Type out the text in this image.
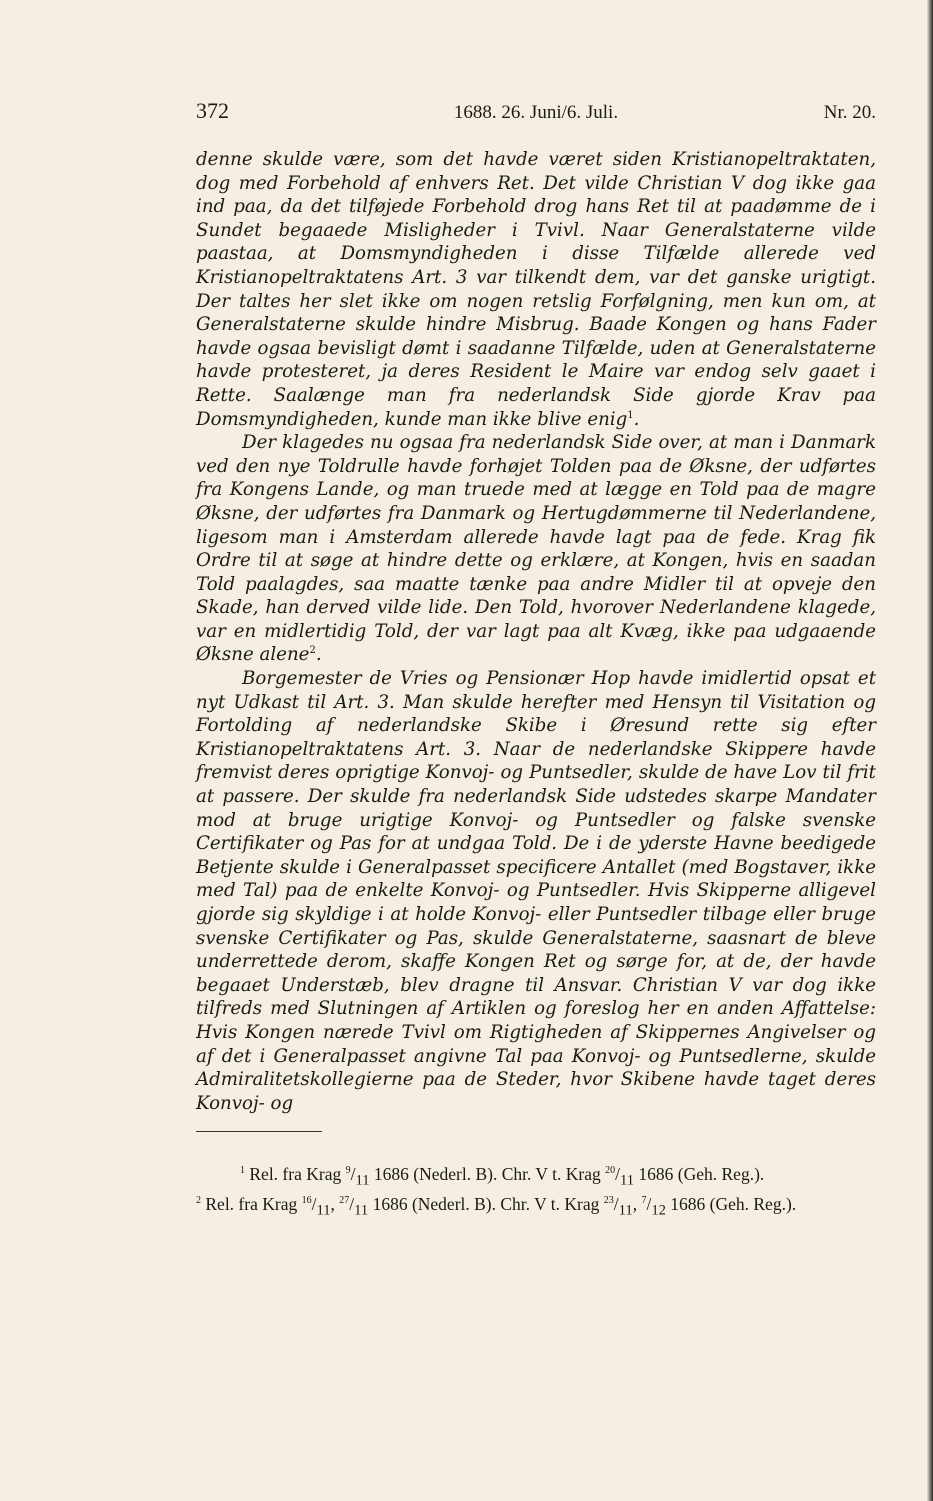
372	1688. 26. Juni/6. Juli.	Nr. 20.

denne skulde være, som det havde været siden Kristianopeltraktaten, dog med Forbehold af enhvers Ret. Det vilde Christian V dog ikke gaa ind paa, da det tilføjede Forbehold drog hans Ret til at paadømme de i Sundet begaaede Misligheder i Tvivl. Naar Generalstaterne vilde paastaa, at Domsmyndigheden i disse Tilfælde allerede ved Kristianopeltraktatens Art. 3 var tilkendt dem, var det ganske urigtigt. Der taltes her slet ikke om nogen retslig Forfølgning, men kun om, at Generalstaterne skulde hindre Misbrug. Baade Kongen og hans Fader havde ogsaa bevisligt dømt i saadanne Tilfælde, uden at Generalstaterne havde protesteret, ja deres Resident le Maire var endog selv gaaet i Rette. Saalænge man fra nederlandsk Side gjorde Krav paa Domsmyndigheden, kunde man ikke blive enig$^1$.

Der klagedes nu ogsaa fra nederlandsk Side over, at man i Danmark ved den nye Toldrulle havde forhøjet Tolden paa de Øksne, der udførtes fra Kongens Lande, og man truede med at lægge en Told paa de magre Øksne, der udførtes fra Danmark og Hertugdømmerne til Nederlandene, ligesom man i Amsterdam allerede havde lagt paa de fede. Krag fik Ordre til at søge at hindre dette og erklære, at Kongen, hvis en saadan Told paalagdes, saa maatte tænke paa andre Midler til at opveje den Skade, han derved vilde lide. Den Told, hvorover Nederlandene klagede, var en midlertidig Told, der var lagt paa alt Kvæg, ikke paa udgaaende Øksne alene$^2$.

Borgemester de Vries og Pensionær Hop havde imidlertid opsat et nyt Udkast til Art. 3. Man skulde herefter med Hensyn til Visitation og Fortolding af nederlandske Skibe i Øresund rette sig efter Kristianopeltraktatens Art. 3. Naar de nederlandske Skippere havde fremvist deres oprigtige Konvoj- og Puntsedler, skulde de have Lov til frit at passere. Der skulde fra nederlandsk Side udstedes skarpe Mandater mod at bruge urigtige Konvoj- og Puntsedler og falske svenske Certifikater og Pas for at undgaa Told. De i de yderste Havne beedigede Betjente skulde i Generalpasset specificere Antallet (med Bogstaver, ikke med Tal) paa de enkelte Konvoj- og Puntsedler. Hvis Skipperne alligevel gjorde sig skyldige i at holde Konvoj- eller Puntsedler tilbage eller bruge svenske Certifikater og Pas, skulde Generalstaterne, saasnart de bleve underrettede derom, skaffe Kongen Ret og sørge for, at de, der havde begaaet Understæb, blev dragne til Ansvar. Christian V var dog ikke tilfreds med Slutningen af Artiklen og foreslog her en anden Affattelse: Hvis Kongen nærede Tvivl om Rigtigheden af Skippernes Angivelser og af det i Generalpasset angivne Tal paa Konvoj- og Puntsedlerne, skulde Admiralitetskollegierne paa de Steder, hvor Skibene havde taget deres Konvoj- og

$^1$ Rel. fra Krag $^9/_{11}$ 1686 (Nederl. B). Chr. V t. Krag $^{20}/_{11}$ 1686 (Geh. Reg.).

$^2$ Rel. fra Krag $^{16}/_{11}$, $^{27}/_{11}$ 1686 (Nederl. B). Chr. V t. Krag $^{23}/_{11}$, $^7/_{12}$ 1686 (Geh. Reg.).
